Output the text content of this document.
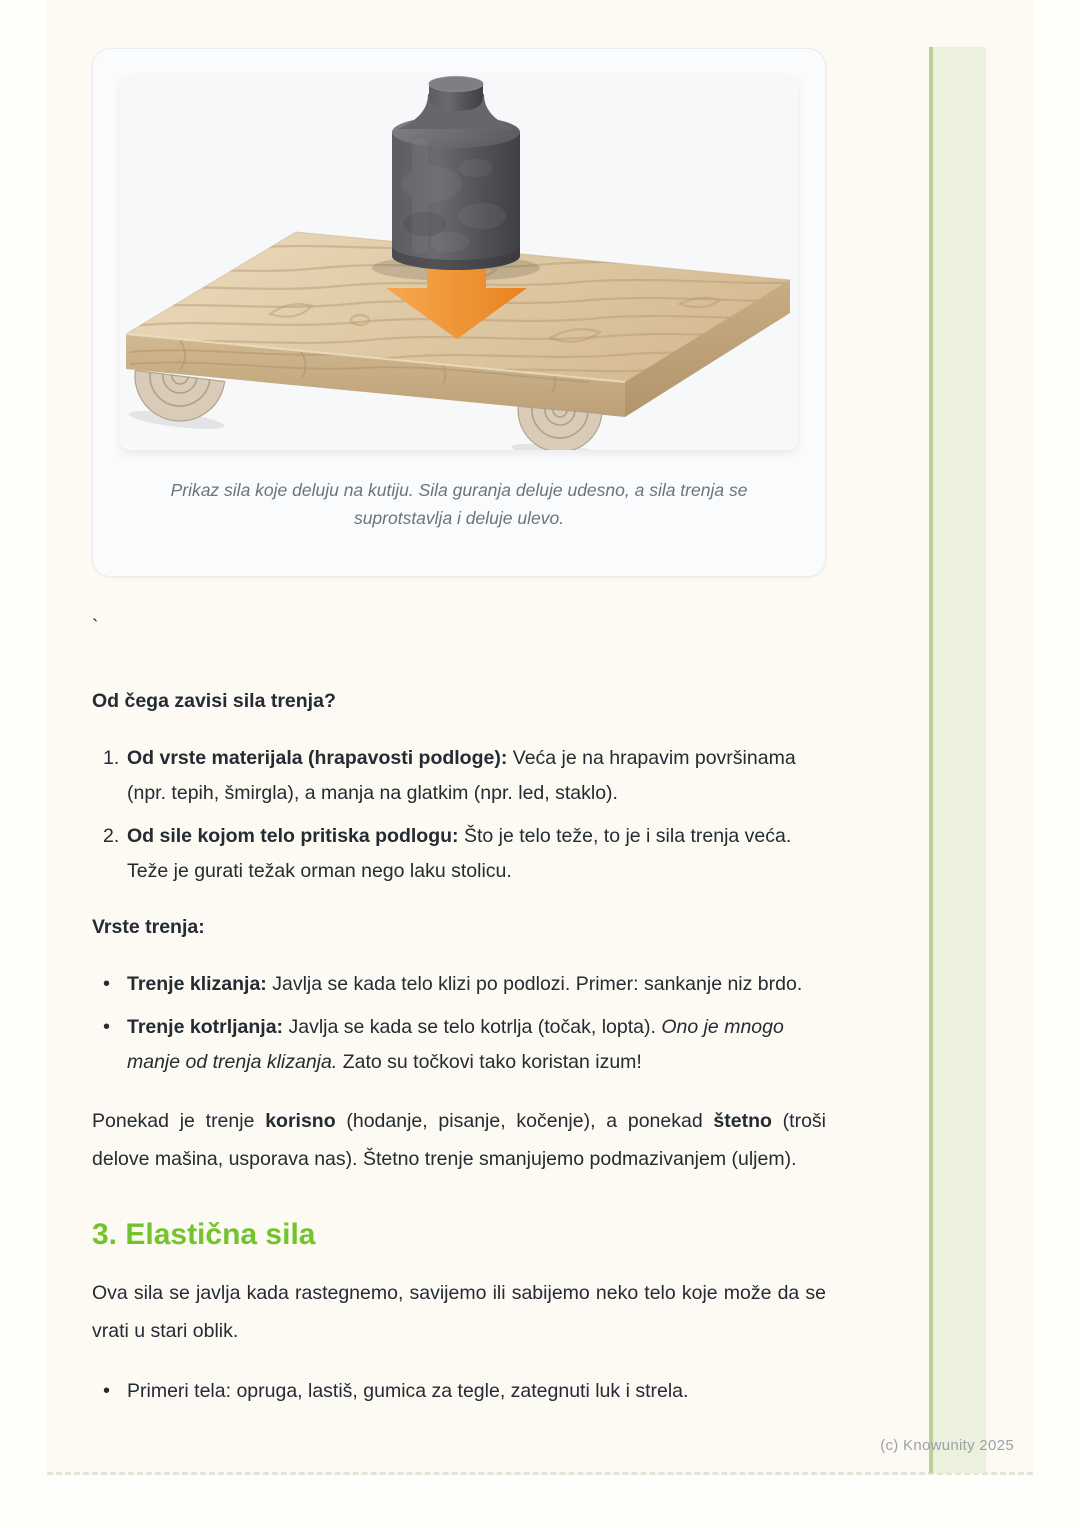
(c) Knowunity 2025
Prikaz sila koje deluju na kutiju. Sila guranja deluje udesno, a sila trenja se suprotstavlja i deluje ulevo.
`
Od čega zavisi sila trenja?
1. Od vrste materijala (hrapavosti podloge): Veća je na hrapavim površinama (npr. tepih, šmirgla), a manja na glatkim (npr. led, staklo).
2. Od sile kojom telo pritiska podlogu: Što je telo teže, to je i sila trenja veća. Teže je gurati težak orman nego laku stolicu.
Vrste trenja:
• Trenje klizanja: Javlja se kada telo klizi po podlozi. Primer: sankanje niz brdo.
• Trenje kotrljanja: Javlja se kada se telo kotrlja (točak, lopta). Ono je mnogo manje od trenja klizanja. Zato su točkovi tako koristan izum!

Ponekad je trenje korisno (hodanje, pisanje, kočenje), a ponekad štetno (troši delove mašina, usporava nas). Štetno trenje smanjujemo podmazivanjem (uljem).

3. Elastična sila

Ova sila se javlja kada rastegnemo, savijemo ili sabijemo neko telo koje može da se vrati u stari oblik.

• Primeri tela: opruga, lastiš, gumica za tegle, zategnuti luk i strela.
